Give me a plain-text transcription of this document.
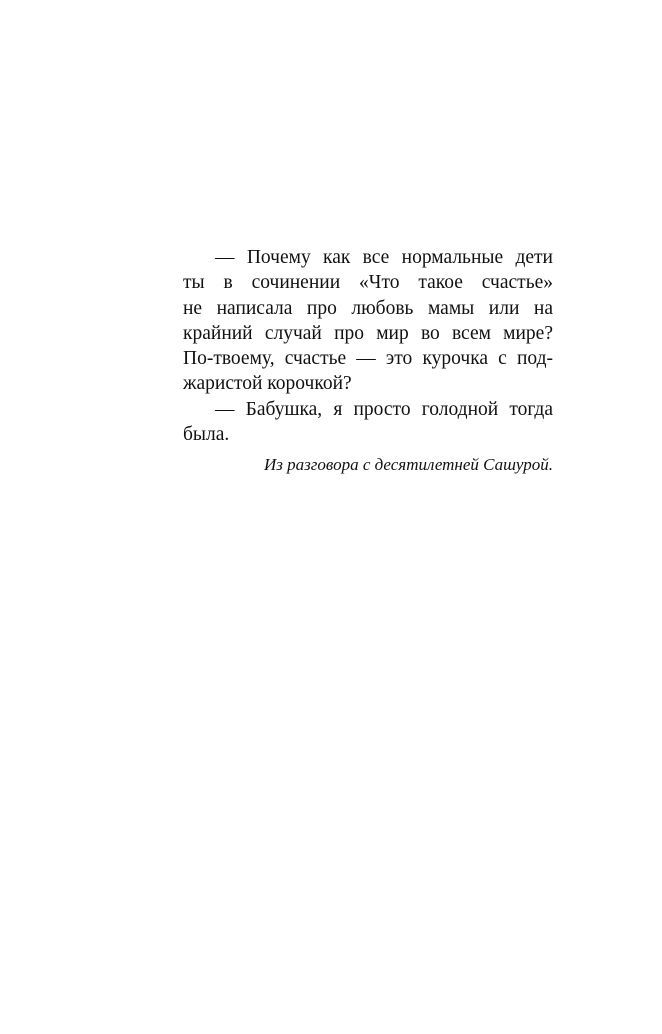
— Почему как все нормальные дети
ты в сочинении «Что такое счастье»
не написала про любовь мамы или на
крайний случай про мир во всем мире?
По-твоему, счастье — это курочка с под-
жаристой корочкой?
— Бабушка, я просто голодной тогда
была.
Из разговора с десятилетней Сашурой.
